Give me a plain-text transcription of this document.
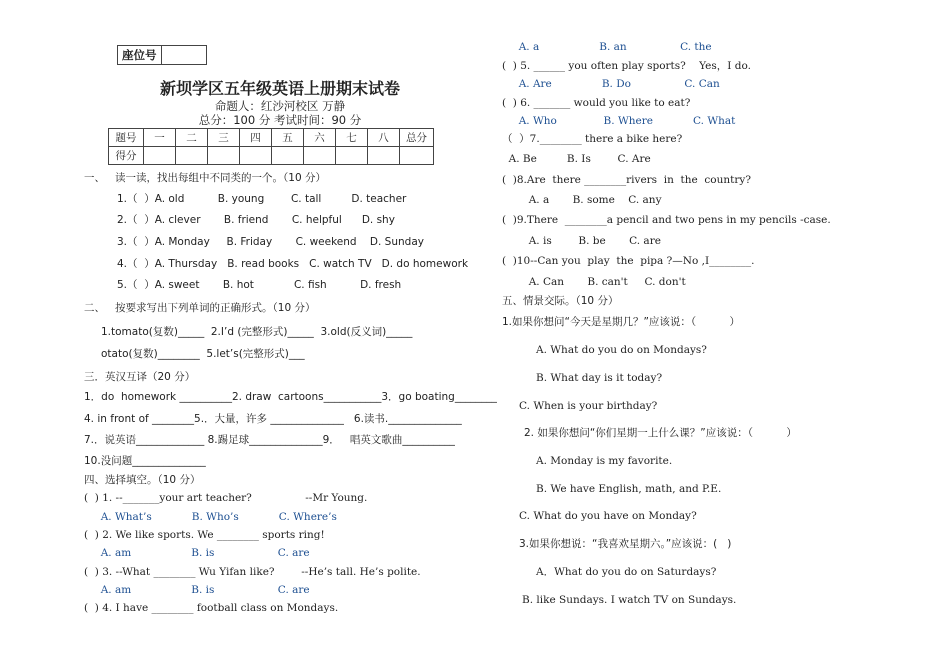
座位号	
新坝学区五年级英语上册期末试卷
命题人：红沙河校区 万静
总分：100 分 考试时间：90 分
题号	一	二	三	四	五	六	七	八	总分
得分									
一、   读一读，找出每组中不同类的一个。（10 分）
1.（  ）A. old          B. young        C. tall         D. teacher
2.（  ）A. clever       B. friend       C. helpful      D. shy
3.（  ）A. Monday     B. Friday       C. weekend    D. Sunday
4.（  ）A. Thursday   B. read books   C. watch TV   D. do homework
5.（  ）A. sweet       B. hot            C. fish          D. fresh
二、   按要求写出下列单词的正确形式。（10 分）
1.tomato(复数)_____  2.I’d (完整形式)_____  3.old(反义词)_____
otato(复数)________  5.let’s(完整形式)___
三．英汉互译（20 分）
1．do  homework __________2. draw  cartoons___________3．go boating________
4. in front of ________5.．大量，许多 ______________   6.读书.______________
7.．说英语_____________ 8.踢足球______________9．   唱英文歌曲__________
10.没问题______________
四、选择填空。（10 分）
(  ) 1. --_______your art teacher?                --Mr Young.
A. What’s            B. Who’s            C. Where’s
(  ) 2. We like sports. We ________ sports ring!
A. am                  B. is                   C. are
(  ) 3. --What ________ Wu Yifan like?        --He’s tall. He’s polite.
A. am                  B. is                   C. are
(  ) 4. I have ________ football class on Mondays.
A. a                  B. an                C. the
(  ) 5. ______ you often play sports?    Yes，I do.
A. Are               B. Do                C. Can
(  ) 6. _______ would you like to eat?
A. Who              B. Where            C. What
（  ）7.________ there a bike here?
A. Be         B. Is        C. Are
(  )8.Are  there ________rivers  in  the  country?
A. a       B. some    C. any
(  )9.There  ________a pencil and two pens in my pencils -case.
A. is        B. be       C. are
(  )10--Can you  play  the  pipa ?—No ,I________.
A. Can       B. can't     C. don't
五、情景交际。（10 分）
1.如果你想问“今天是星期几？”应该说：（          ）
A. What do you do on Mondays?
B. What day is it today?
C. When is your birthday?
2. 如果你想问“你们星期一上什么课？”应该说：（          ）
A. Monday is my favorite.
B. We have English, math, and P.E.
C. What do you have on Monday?
3.如果你想说：“我喜欢星期六。”应该说：(   )
A．What do you do on Saturdays?
B. like Sundays. I watch TV on Sundays.
